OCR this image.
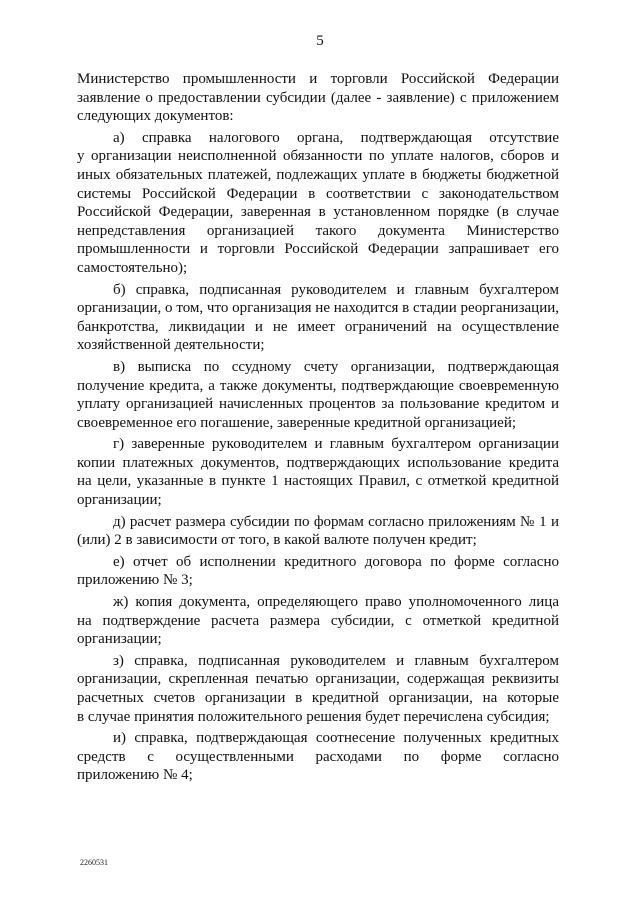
5

Министерство промышленности и торговли Российской Федерации
заявление о предоставлении субсидии (далее - заявление) с приложением
следующих документов:

а) справка налогового органа, подтверждающая отсутствие
у организации неисполненной обязанности по уплате налогов, сборов и
иных обязательных платежей, подлежащих уплате в бюджеты бюджетной
системы Российской Федерации в соответствии с законодательством
Российской Федерации, заверенная в установленном порядке (в случае
непредставления организацией такого документа Министерство
промышленности и торговли Российской Федерации запрашивает его
самостоятельно);

б) справка, подписанная руководителем и главным бухгалтером
организации, о том, что организация не находится в стадии реорганизации,
банкротства, ликвидации и не имеет ограничений на осуществление
хозяйственной деятельности;

в) выписка по ссудному счету организации, подтверждающая
получение кредита, а также документы, подтверждающие своевременную
уплату организацией начисленных процентов за пользование кредитом и
своевременное его погашение, заверенные кредитной организацией;

г) заверенные руководителем и главным бухгалтером организации
копии платежных документов, подтверждающих использование кредита
на цели, указанные в пункте 1 настоящих Правил, с отметкой кредитной
организации;

д) расчет размера субсидии по формам согласно приложениям № 1 и
(или) 2 в зависимости от того, в какой валюте получен кредит;

е) отчет об исполнении кредитного договора по форме согласно
приложению № 3;

ж) копия документа, определяющего право уполномоченного лица
на подтверждение расчета размера субсидии, с отметкой кредитной
организации;

з) справка, подписанная руководителем и главным бухгалтером
организации, скрепленная печатью организации, содержащая реквизиты
расчетных счетов организации в кредитной организации, на которые
в случае принятия положительного решения будет перечислена субсидия;

и) справка, подтверждающая соотнесение полученных кредитных
средств с осуществленными расходами по форме согласно
приложению № 4;

2260531
